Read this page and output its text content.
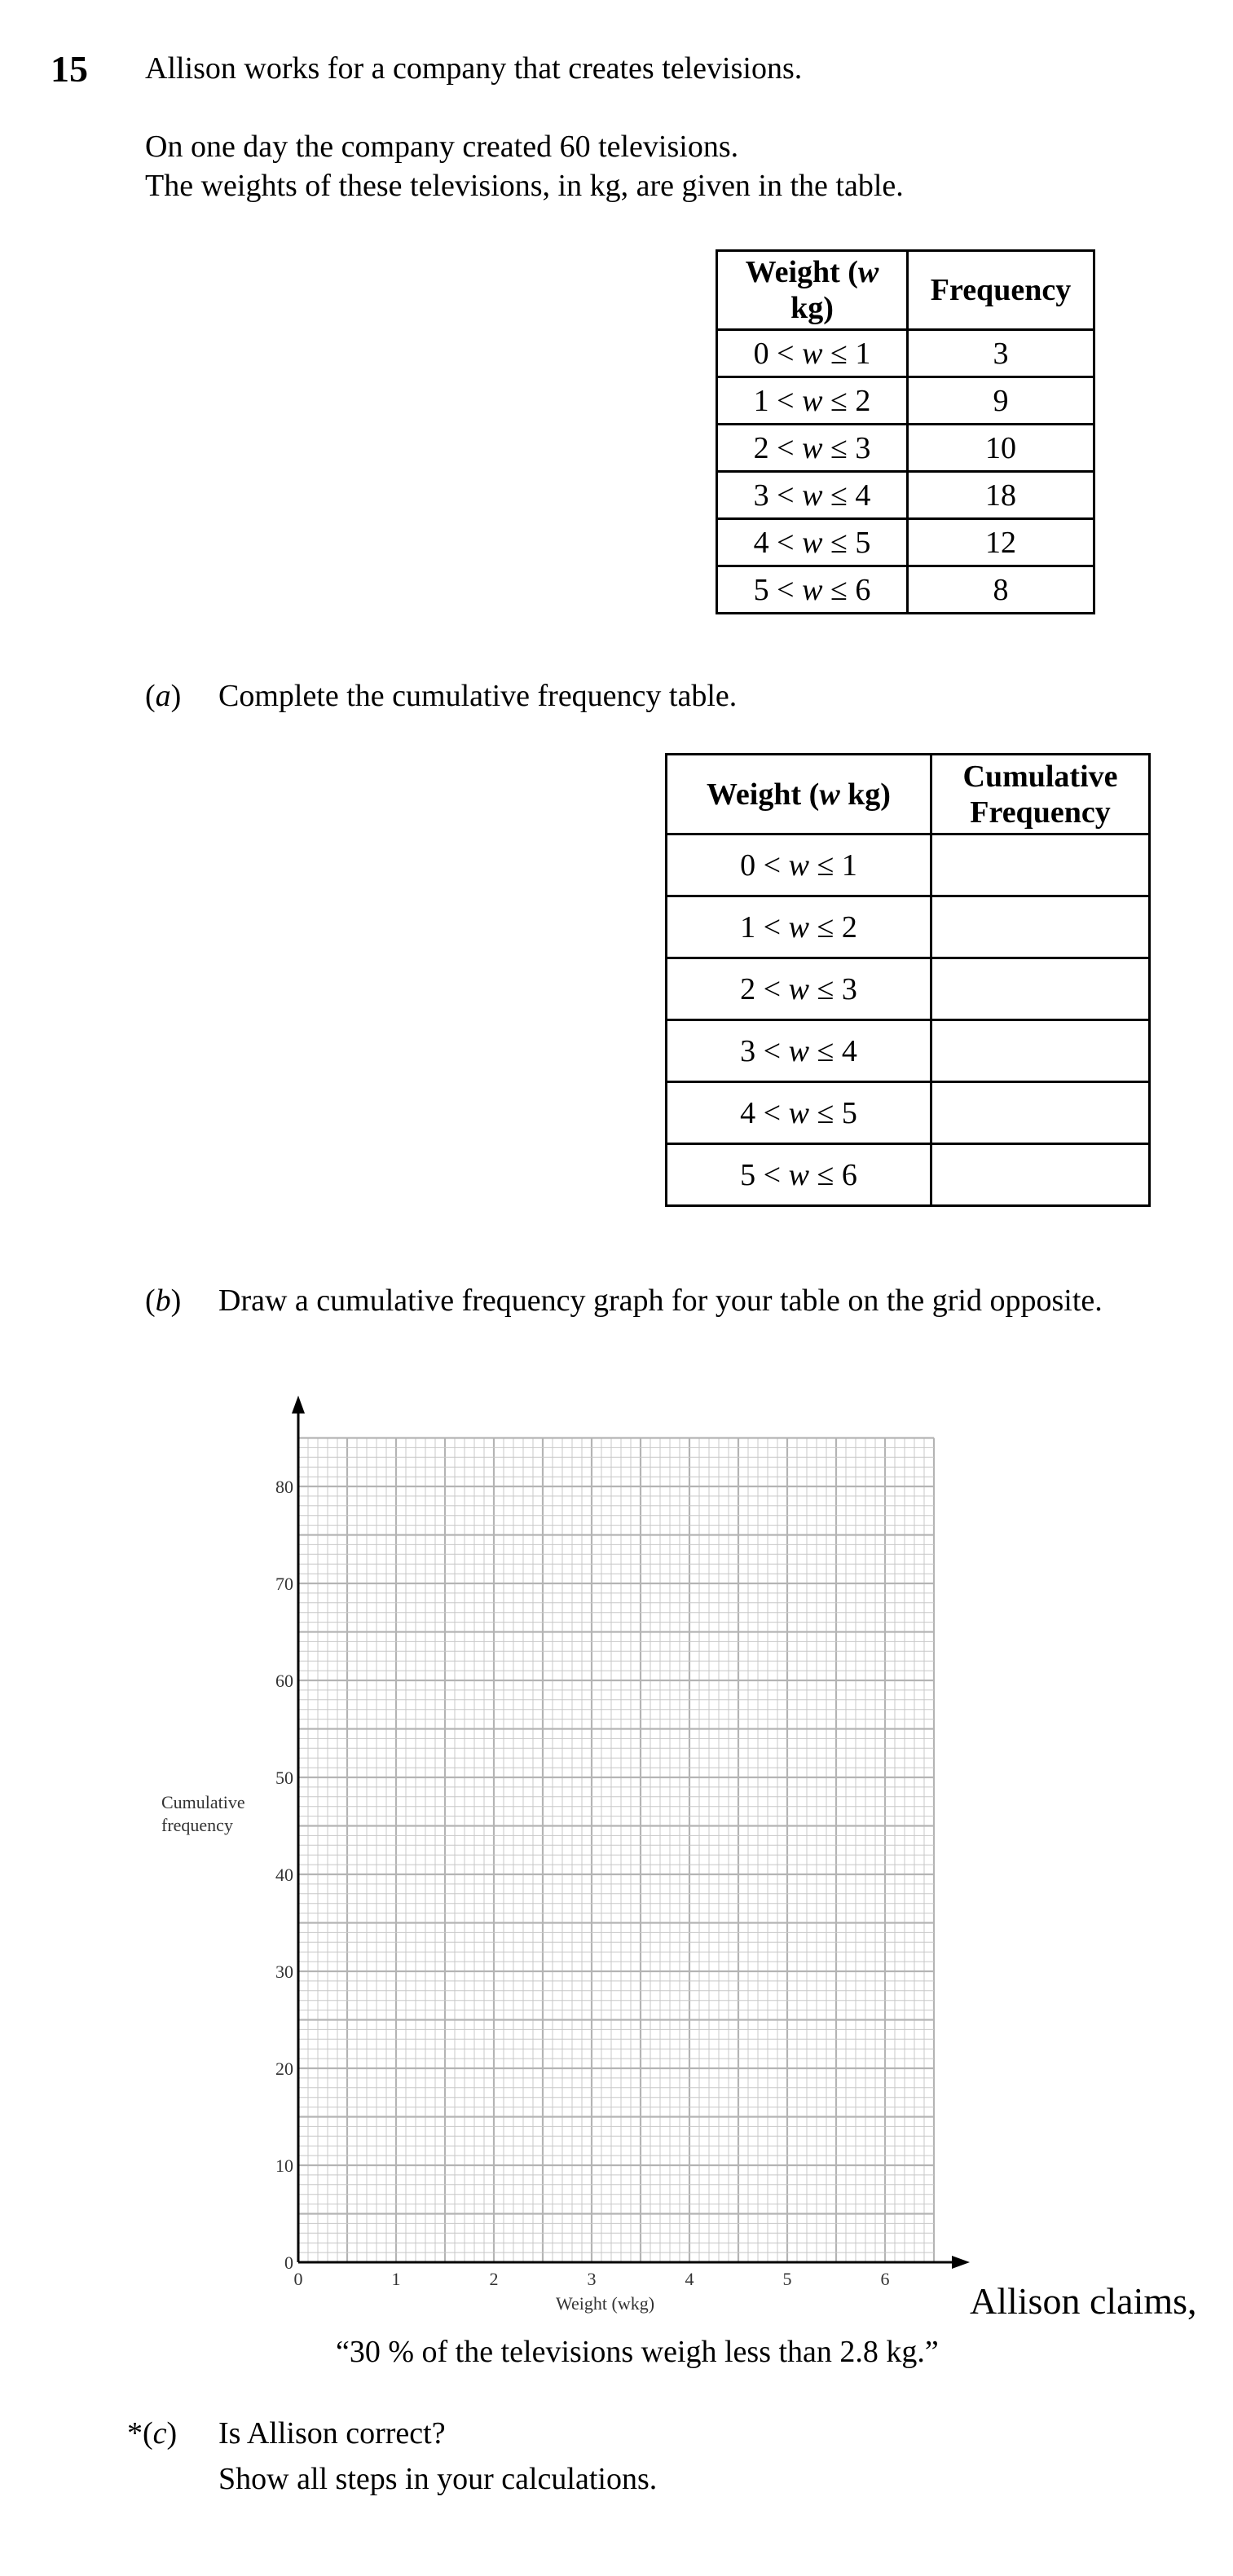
15 Allison works for a company that creates televisions.
On one day the company created 60 televisions.
The weights of these televisions, in kg, are given in the table.
Weight (w
kg)	Frequency
0 < w ≤ 1	3
1 < w ≤ 2	9
2 < w ≤ 3	10
3 < w ≤ 4	18
4 < w ≤ 5	12
5 < w ≤ 6	8
(a) Complete the cumulative frequency table.
Weight (w kg)	Cumulative
Frequency
0 < w ≤ 1	
1 < w ≤ 2	
2 < w ≤ 3	
3 < w ≤ 4	
4 < w ≤ 5	
5 < w ≤ 6	
(b) Draw a cumulative frequency graph for your table on the grid opposite.
0	1	2	3	4	5	6
0
10
20
30
40
50
60
70
80
Cumulative
frequency
Weight (wkg)	Allison claims,
“30 % of the televisions weigh less than 2.8 kg.”
*(c) Is Allison correct?
Show all steps in your calculations.
